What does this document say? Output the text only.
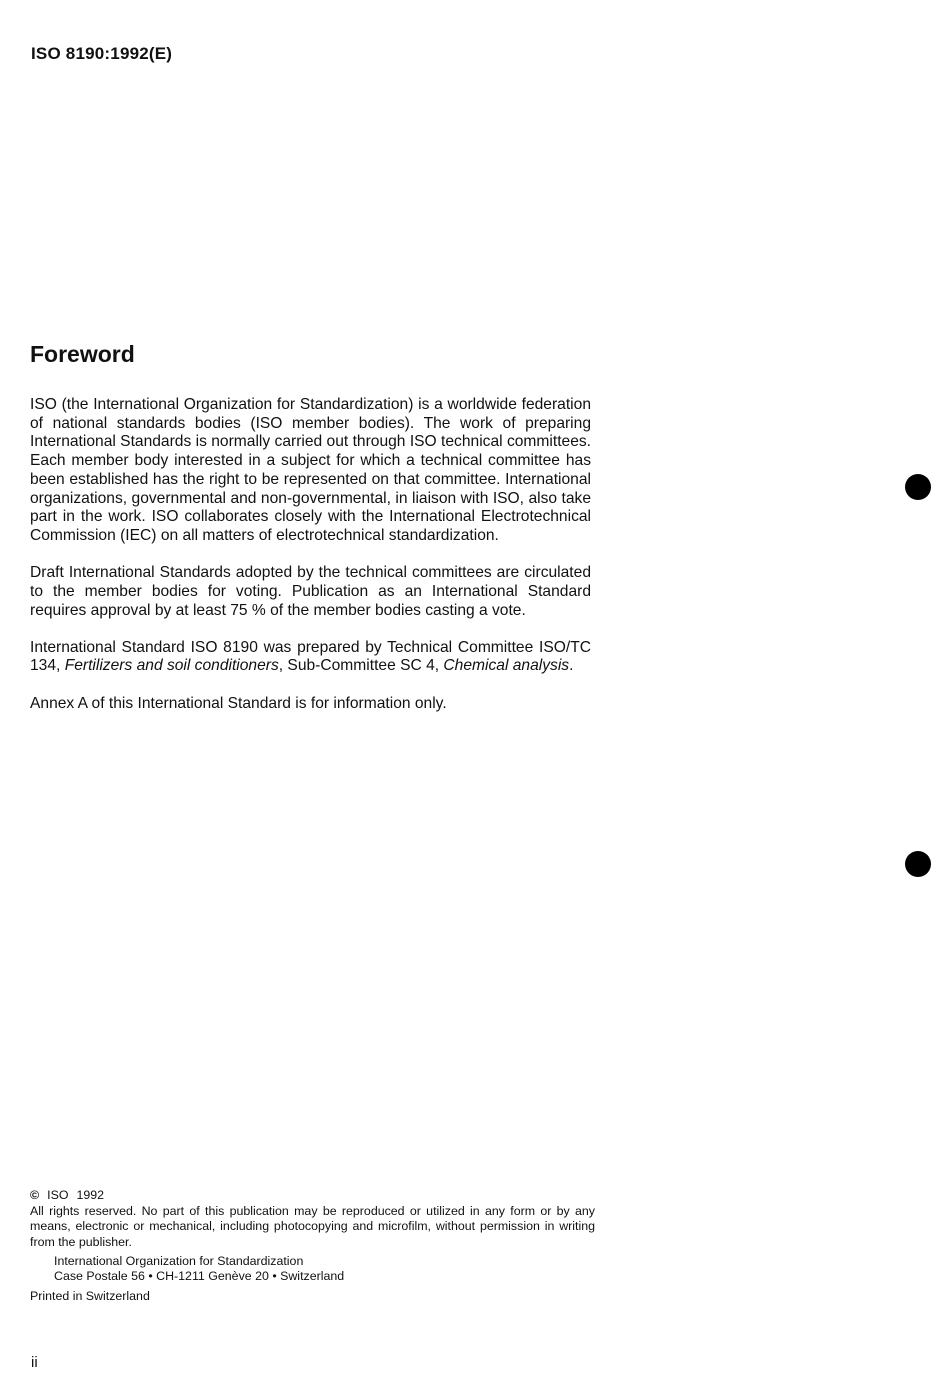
ISO 8190:1992(E)
Foreword

ISO (the International Organization for Standardization) is a worldwide federation of national standards bodies (ISO member bodies). The work of preparing International Standards is normally carried out through ISO technical committees. Each member body interested in a subject for which a technical committee has been established has the right to be represented on that committee. International organizations, governmental and non-governmental, in liaison with ISO, also take part in the work. ISO collaborates closely with the International Electrotechnical Commission (IEC) on all matters of electrotechnical standardization.

Draft International Standards adopted by the technical committees are circulated to the member bodies for voting. Publication as an International Standard requires approval by at least 75 % of the member bodies casting a vote.

International Standard ISO 8190 was prepared by Technical Committee ISO/TC 134, Fertilizers and soil conditioners, Sub-Committee SC 4, Chemical analysis.

Annex A of this International Standard is for information only.

© ISO 1992

All rights reserved. No part of this publication may be reproduced or utilized in any form or by any means, electronic or mechanical, including photocopying and microfilm, without permission in writing from the publisher.

International Organization for Standardization
Case Postale 56 • CH-1211 Genève 20 • Switzerland
Printed in Switzerland
ii
